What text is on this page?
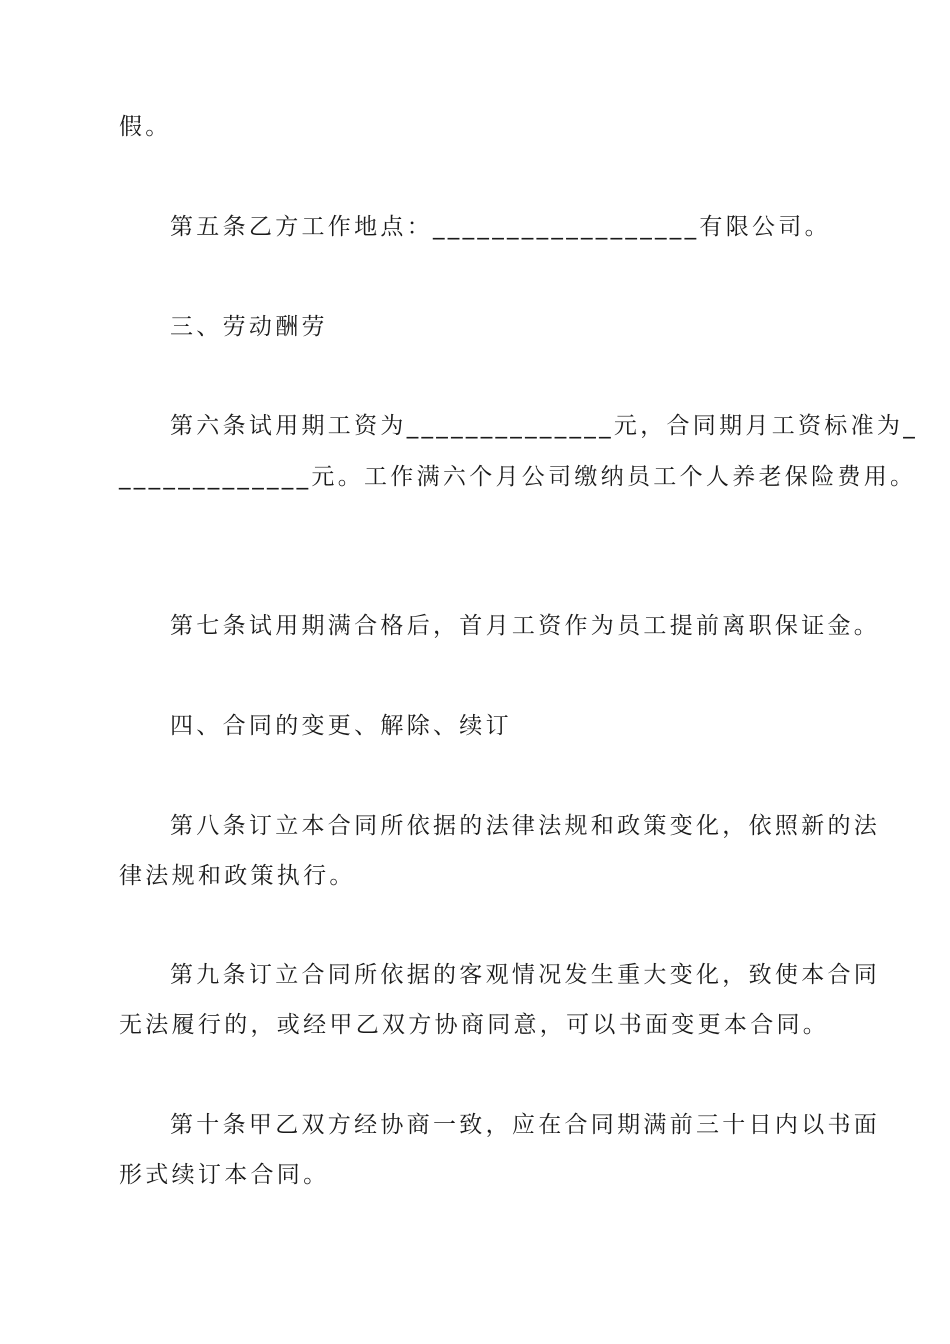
假。
第五条乙方工作地点：__________________有限公司。
三、劳动酬劳
第六条试用期工资为______________元，合同期月工资标准为_
_____________元。工作满六个月公司缴纳员工个人养老保险费用。
第七条试用期满合格后，首月工资作为员工提前离职保证金。
四、合同的变更、解除、续订
第八条订立本合同所依据的法律法规和政策变化，依照新的法
律法规和政策执行。
第九条订立合同所依据的客观情况发生重大变化，致使本合同
无法履行的，或经甲乙双方协商同意，可以书面变更本合同。
第十条甲乙双方经协商一致，应在合同期满前三十日内以书面
形式续订本合同。
